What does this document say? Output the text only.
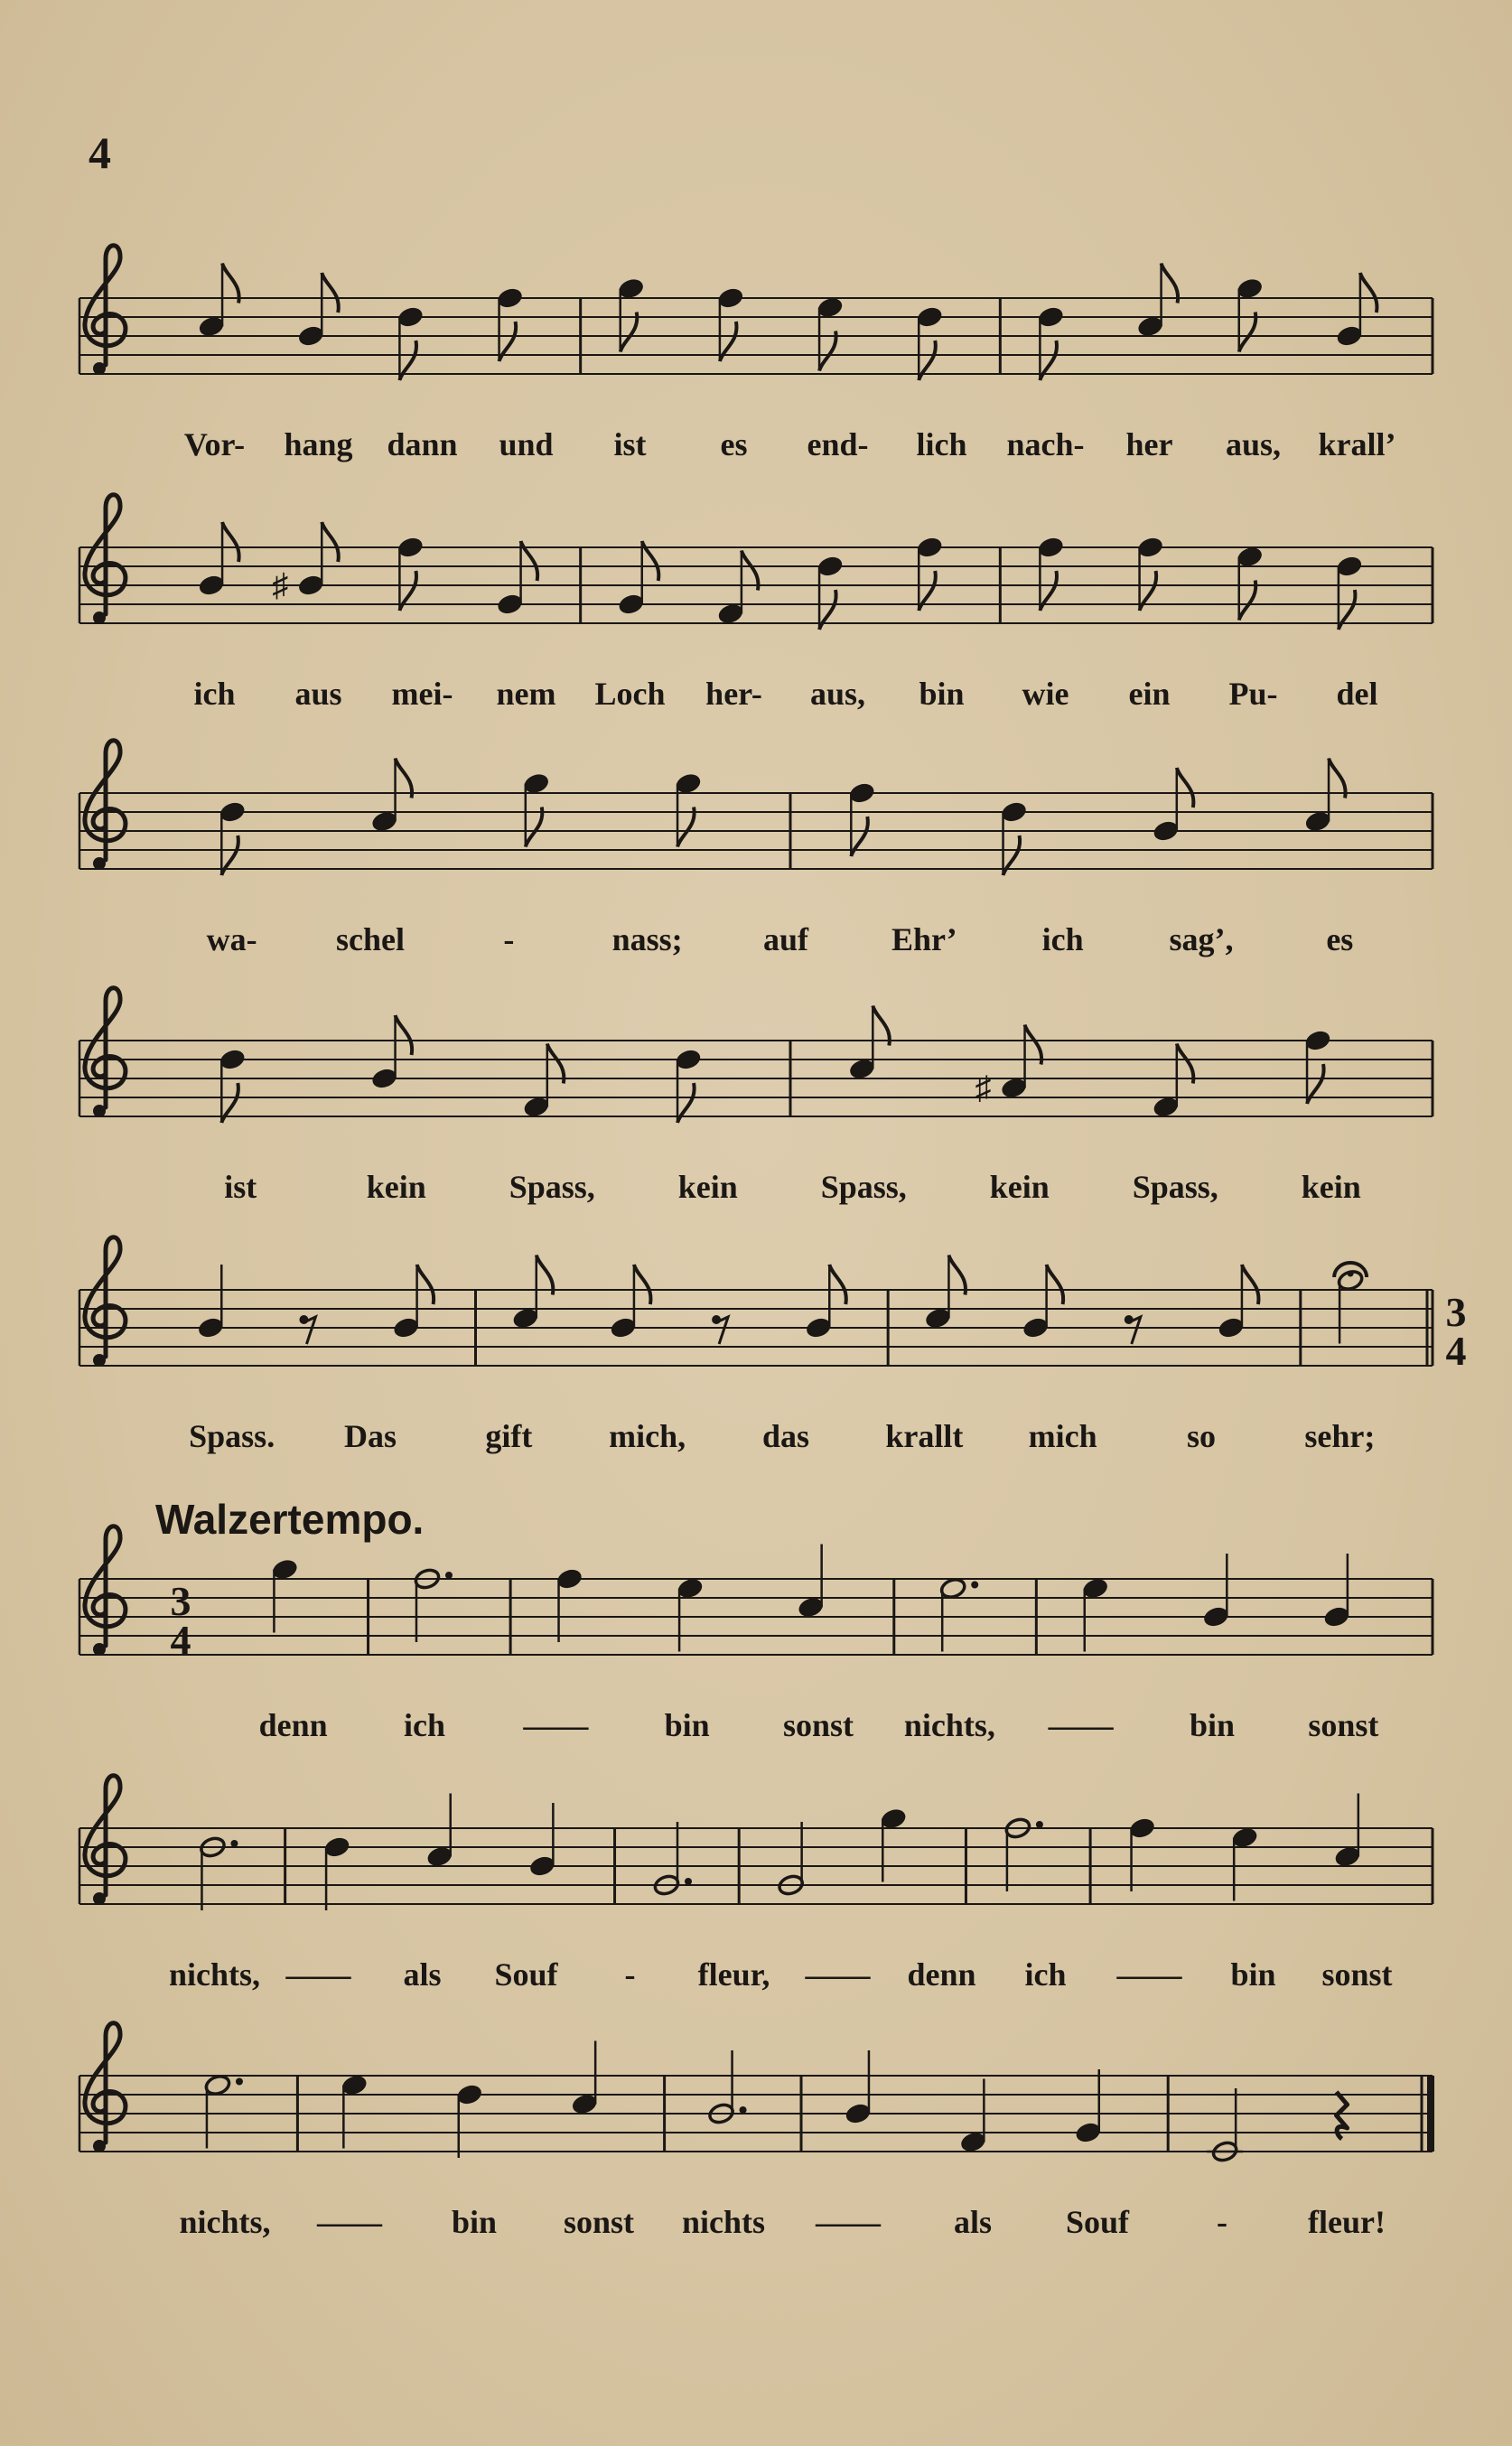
4
Walzertempo.
Vor- hang dann und ist es end- lich nach- her aus, krall’
♯
ich aus mei- nem Loch her- aus, bin wie ein Pu- del
wa- schel	-	nass; auf	Ehr’	ich	sag’,	es
♯
ist	kein	Spass,	kein	Spass,	kein	Spass,	kein
3
4
Spass. Das	gift mich, das krallt mich	so	sehr;
3
4
denn ich —— bin sonst nichts, —— bin sonst
nichts, —— als Souf - fleur, —— denn ich —— bin sonst
nichts, —— bin sonst nichts —— als Souf	- fleur!
